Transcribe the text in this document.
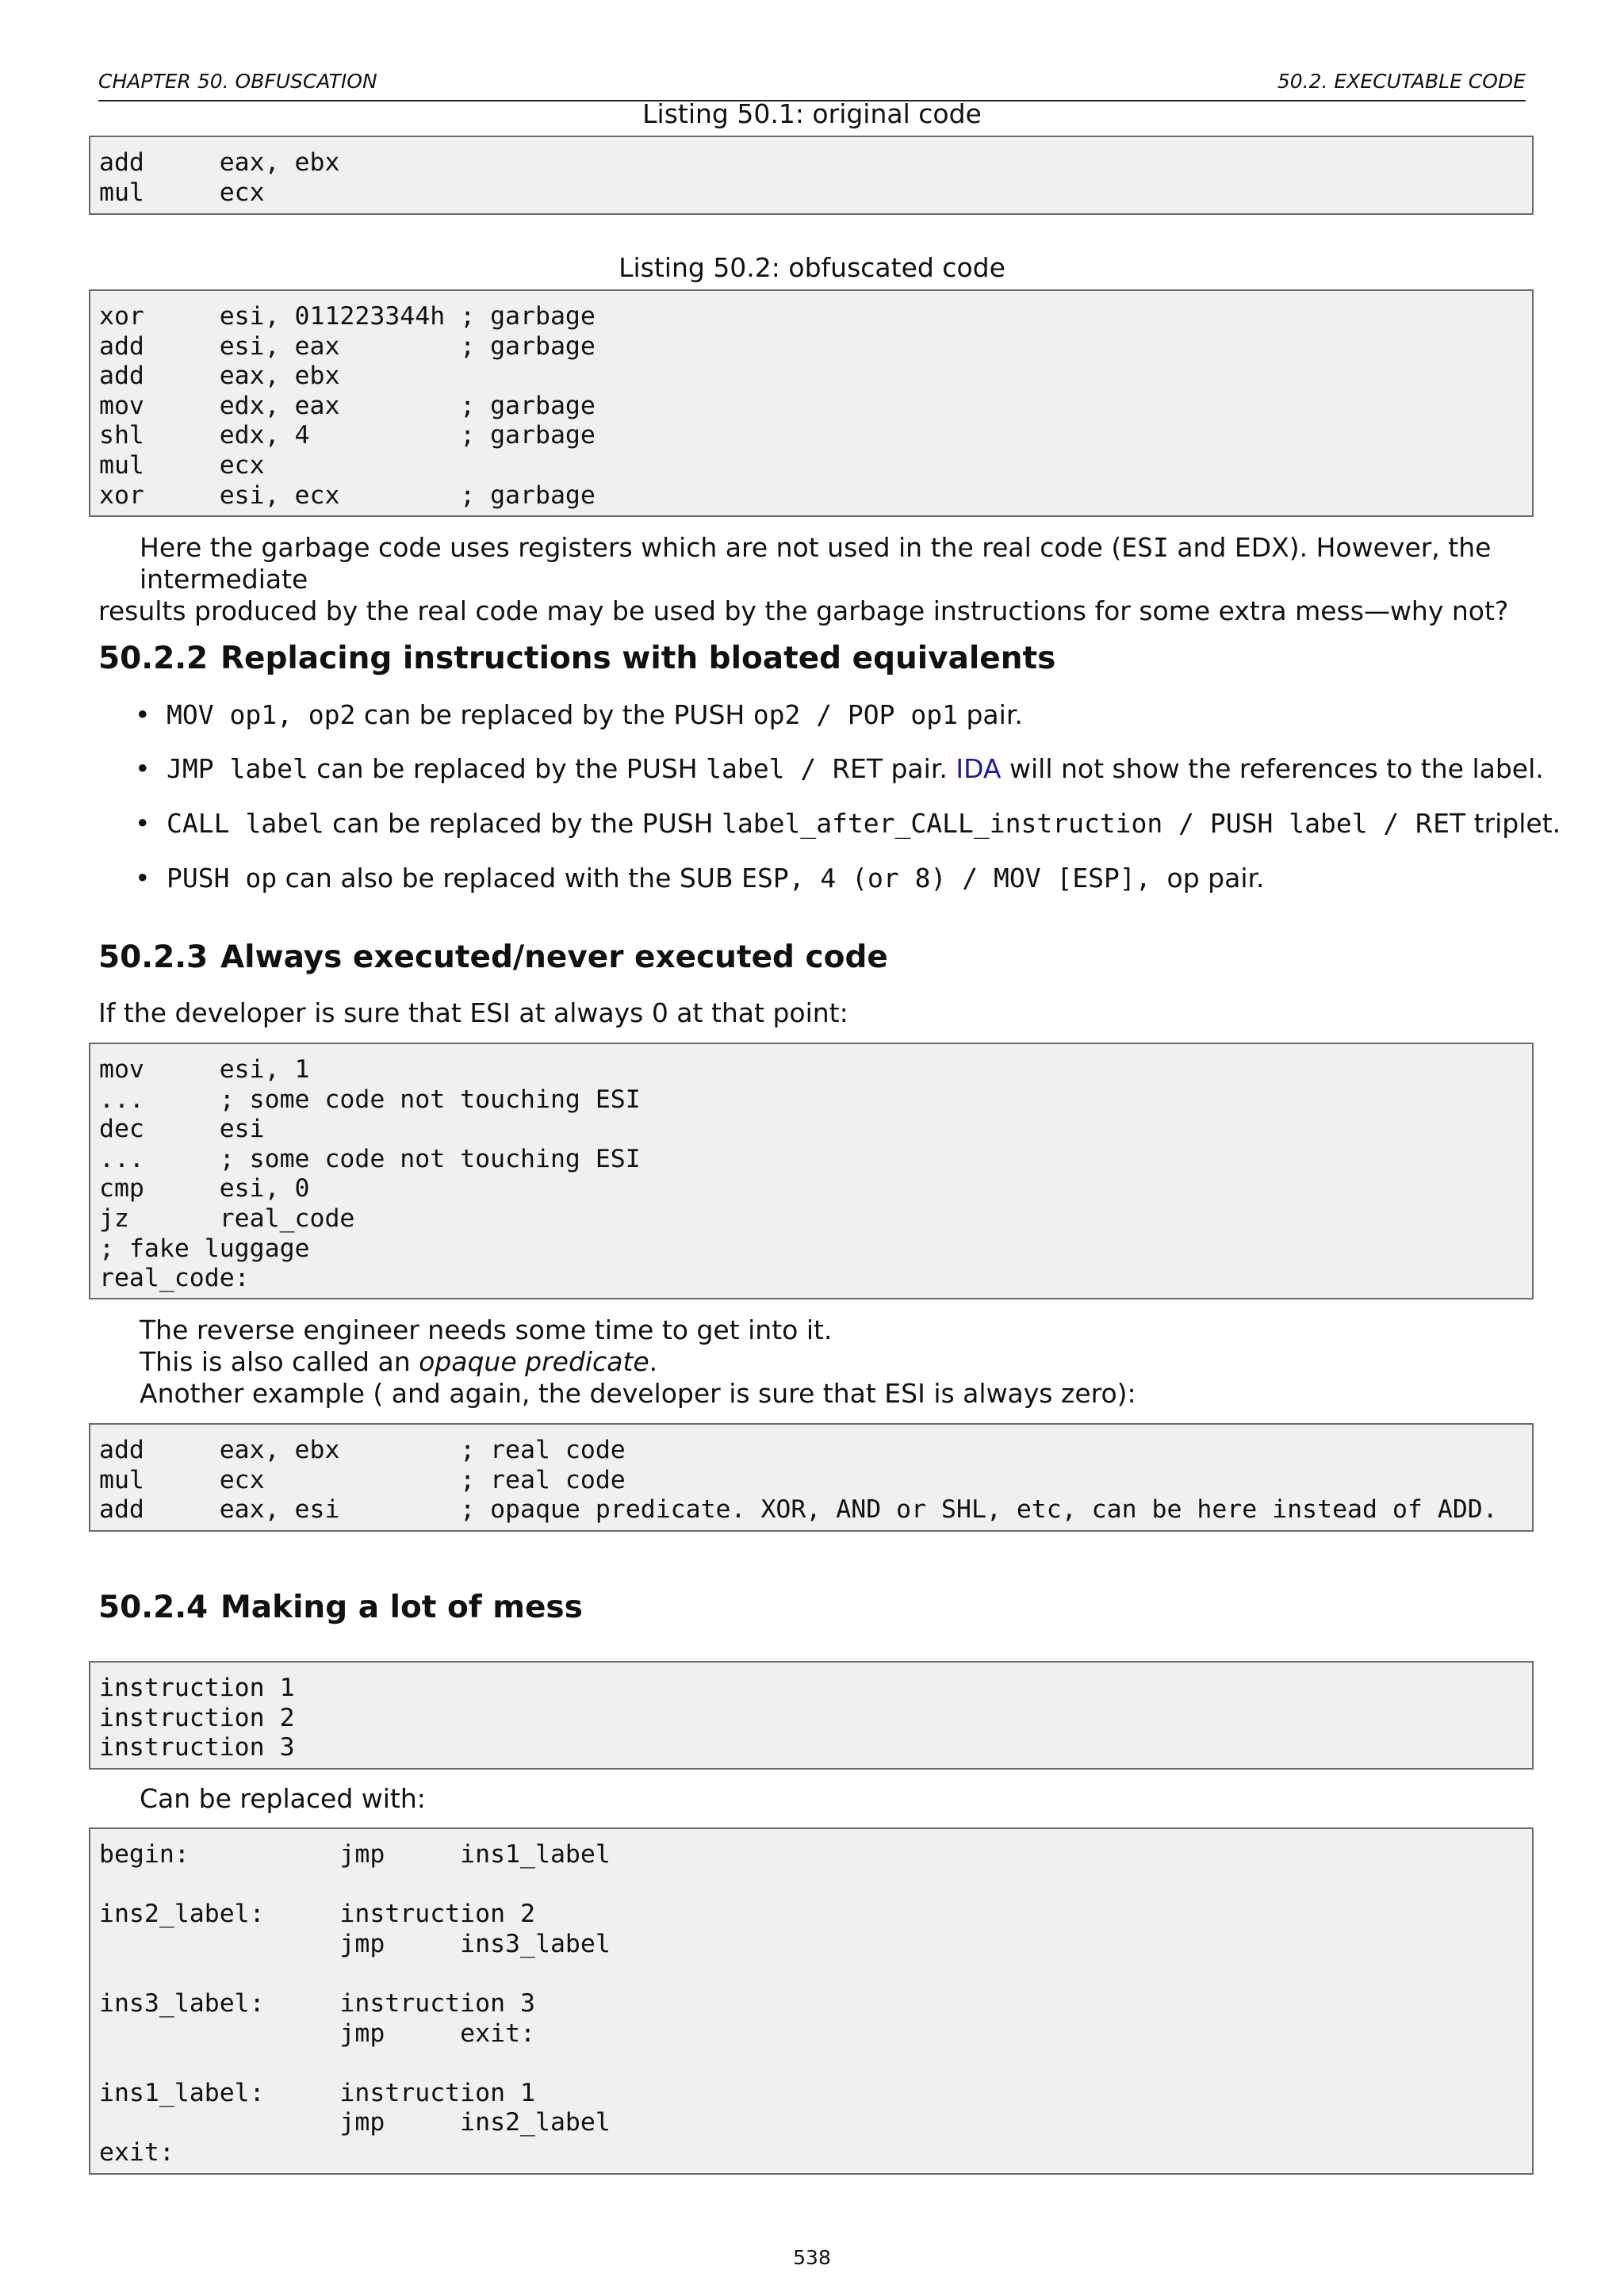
CHAPTER 50. OBFUSCATION	50.2. EXECUTABLE CODE
Listing 50.1: original code
add     eax, ebx
mul     ecx
Listing 50.2: obfuscated code
xor     esi, 011223344h ; garbage
add     esi, eax        ; garbage
add     eax, ebx
mov     edx, eax        ; garbage
shl     edx, 4          ; garbage
mul     ecx
xor     esi, ecx        ; garbage
Here the garbage code uses registers which are not used in the real code (ESI and EDX). However, the intermediate
results produced by the real code may be used by the garbage instructions for some extra mess—why not?
50.2.2 Replacing instructions with bloated equivalents
• MOV op1, op2 can be replaced by the PUSH op2 / POP op1 pair.
• JMP label can be replaced by the PUSH label / RET pair. IDA will not show the references to the label.
• CALL label can be replaced by the PUSH label_after_CALL_instruction / PUSH label / RET triplet.
• PUSH op can also be replaced with the SUB ESP, 4 (or 8) / MOV [ESP], op pair.
50.2.3 Always executed/never executed code
If the developer is sure that ESI at always 0 at that point:
mov     esi, 1
...     ; some code not touching ESI
dec     esi
...     ; some code not touching ESI
cmp     esi, 0
jz      real_code
; fake luggage
real_code:
The reverse engineer needs some time to get into it.
This is also called an opaque predicate.
Another example ( and again, the developer is sure that ESI is always zero):
add     eax, ebx        ; real code
mul     ecx             ; real code
add     eax, esi        ; opaque predicate. XOR, AND or SHL, etc, can be here instead of ADD.
50.2.4 Making a lot of mess
instruction 1
instruction 2
instruction 3
Can be replaced with:
begin:          jmp     ins1_label
ins2_label:     instruction 2
jmp     ins3_label
ins3_label:     instruction 3
jmp     exit:
ins1_label:     instruction 1
jmp     ins2_label
exit:
538
